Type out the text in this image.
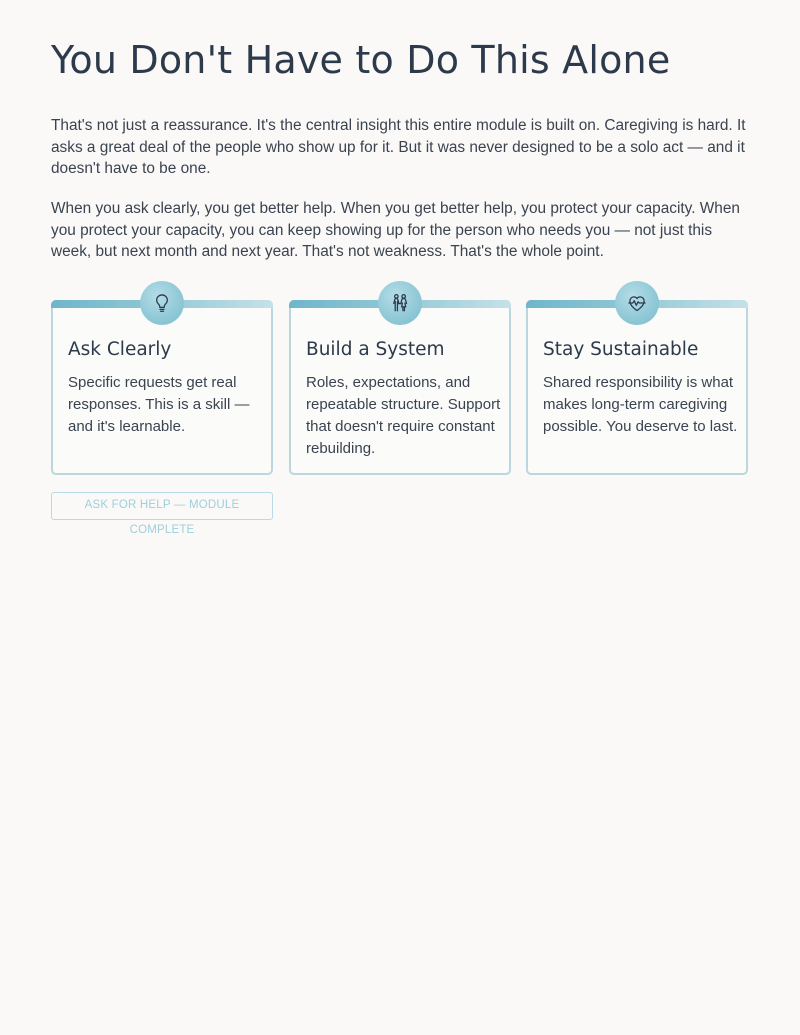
You Don't Have to Do This Alone

That's not just a reassurance. It's the central insight this entire module is built on. Caregiving is hard. It asks a great deal of the people who show up for it. But it was never designed to be a solo act — and it doesn't have to be one.

When you ask clearly, you get better help. When you get better help, you protect your capacity. When you protect your capacity, you can keep showing up for the person who needs you — not just this week, but next month and next year. That's not weakness. That's the whole point.

Ask Clearly

Specific requests get real responses. This is a skill — and it's learnable.

Build a System

Roles, expectations, and repeatable structure. Support that doesn't require constant rebuilding.

Stay Sustainable

Shared responsibility is what makes long-term caregiving possible. You deserve to last.

ASK FOR HELP — MODULE COMPLETE
